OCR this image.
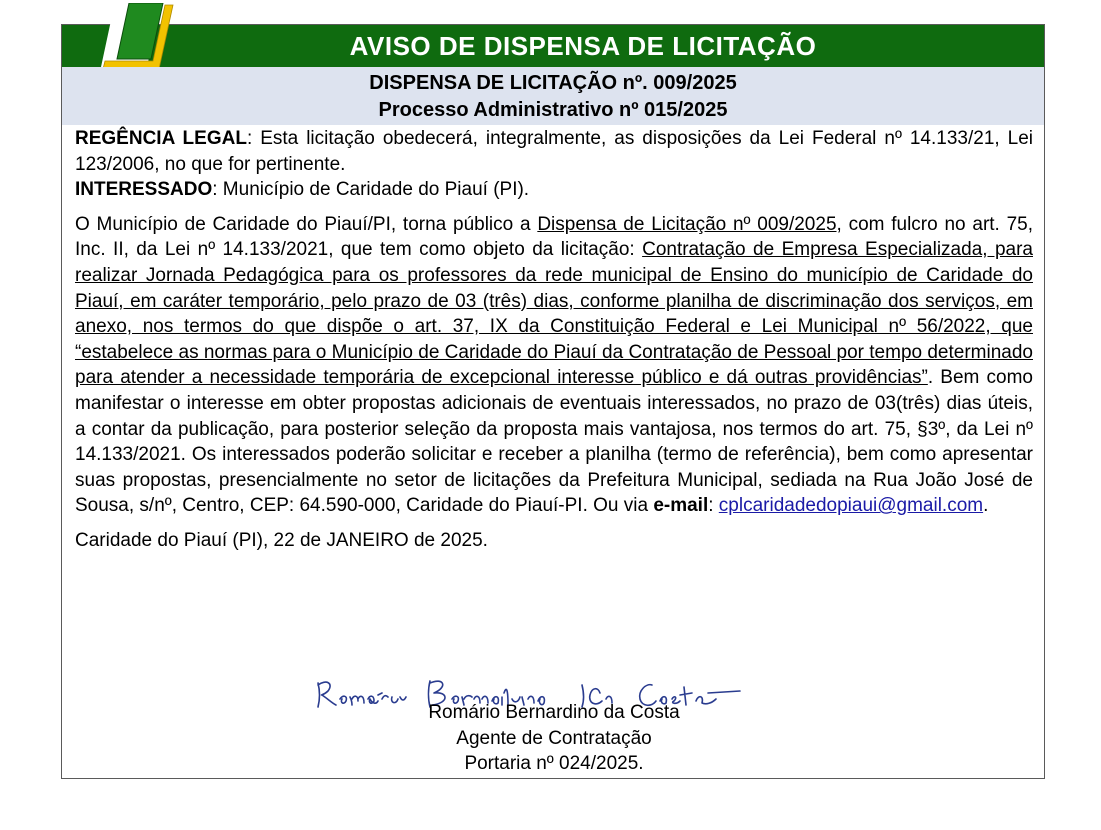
AVISO DE DISPENSA DE LICITAÇÃO
DISPENSA DE LICITAÇÃO nº. 009/2025
Processo Administrativo nº 015/2025

REGÊNCIA LEGAL: Esta licitação obedecerá, integralmente, as disposições da Lei Federal nº 14.133/21, Lei 123/2006, no que for pertinente.

INTERESSADO: Município de Caridade do Piauí (PI).

O Município de Caridade do Piauí/PI, torna público a Dispensa de Licitação nº 009/2025, com fulcro no art. 75, Inc. II, da Lei nº 14.133/2021, que tem como objeto da licitação: Contratação de Empresa Especializada, para realizar Jornada Pedagógica para os professores da rede municipal de Ensino do município de Caridade do Piauí, em caráter temporário, pelo prazo de 03 (três) dias, conforme planilha de discriminação dos serviços, em anexo, nos termos do que dispõe o art. 37, IX da Constituição Federal e Lei Municipal nº 56/2022, que “estabelece as normas para o Município de Caridade do Piauí da Contratação de Pessoal por tempo determinado para atender a necessidade temporária de excepcional interesse público e dá outras providências”. Bem como manifestar o interesse em obter propostas adicionais de eventuais interessados, no prazo de 03(três) dias úteis, a contar da publicação, para posterior seleção da proposta mais vantajosa, nos termos do art. 75, §3º, da Lei nº 14.133/2021. Os interessados poderão solicitar e receber a planilha (termo de referência), bem como apresentar suas propostas, presencialmente no setor de licitações da Prefeitura Municipal, sediada na Rua João José de Sousa, s/nº, Centro, CEP: 64.590-000, Caridade do Piauí-PI. Ou via e-mail: cplcaridadedopiaui@gmail.com.

Caridade do Piauí (PI), 22 de JANEIRO de 2025.

Romário Bernardino da Costa
Agente de Contratação
Portaria nº 024/2025.
